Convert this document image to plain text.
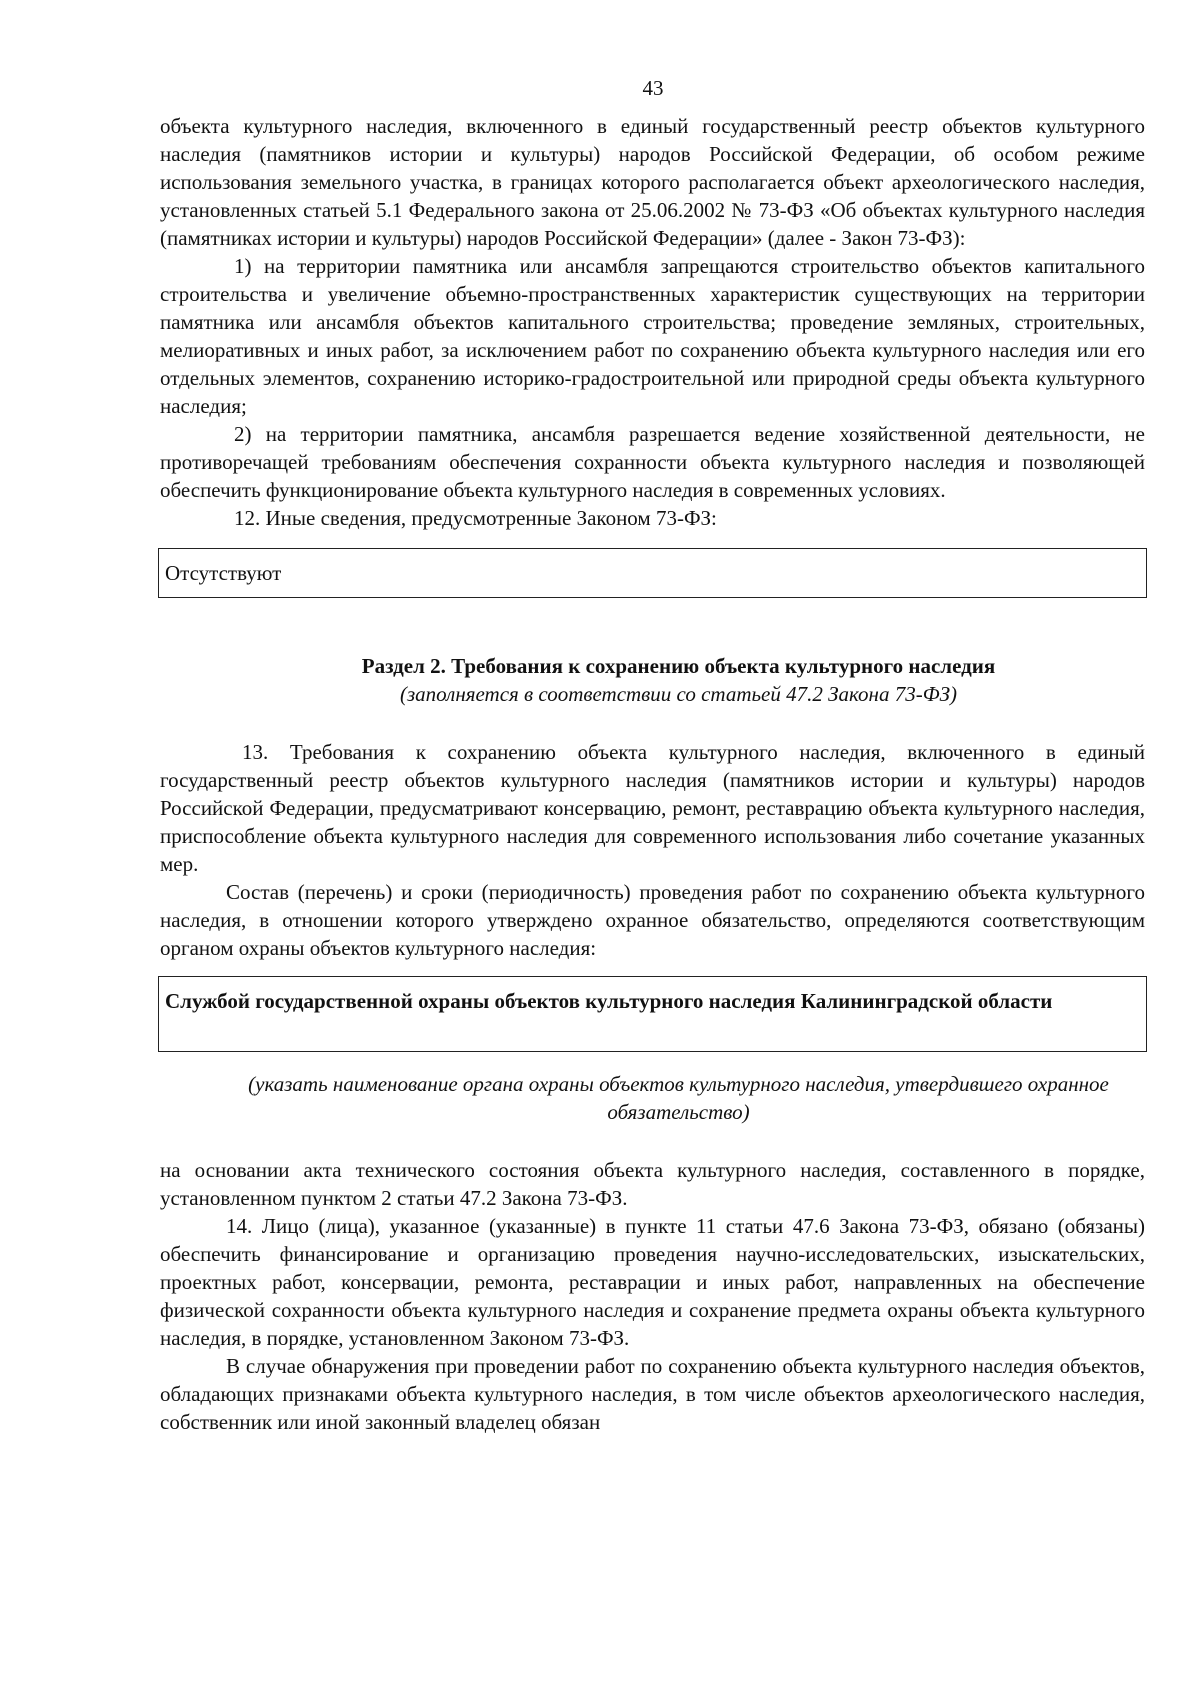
43

объекта культурного наследия, включенного в единый государственный реестр объектов культурного наследия (памятников истории и культуры) народов Российской Федерации, об особом режиме использования земельного участка, в границах которого располагается объект археологического наследия, установленных статьей 5.1 Федерального закона от 25.06.2002 № 73-ФЗ «Об объектах культурного наследия (памятниках истории и культуры) народов Российской Федерации» (далее - Закон 73-ФЗ):

1) на территории памятника или ансамбля запрещаются строительство объектов капитального строительства и увеличение объемно-пространственных характеристик существующих на территории памятника или ансамбля объектов капитального строительства; проведение земляных, строительных, мелиоративных и иных работ, за исключением работ по сохранению объекта культурного наследия или его отдельных элементов, сохранению историко-градостроительной или природной среды объекта культурного наследия;

2) на территории памятника, ансамбля разрешается ведение хозяйственной деятельности, не противоречащей требованиям обеспечения сохранности объекта культурного наследия и позволяющей обеспечить функционирование объекта культурного наследия в современных условиях.

12. Иные сведения, предусмотренные Законом 73-ФЗ:

Отсутствуют
Раздел 2. Требования к сохранению объекта культурного наследия
(заполняется в соответствии со статьей 47.2 Закона 73-ФЗ)

13. Требования к сохранению объекта культурного наследия, включенного в единый государственный реестр объектов культурного наследия (памятников истории и культуры) народов Российской Федерации, предусматривают консервацию, ремонт, реставрацию объекта культурного наследия, приспособление объекта культурного наследия для современного использования либо сочетание указанных мер.

Состав (перечень) и сроки (периодичность) проведения работ по сохранению объекта культурного наследия, в отношении которого утверждено охранное обязательство, определяются соответствующим органом охраны объектов культурного наследия:

Службой государственной охраны объектов культурного наследия Калининградской области
(указать наименование органа охраны объектов культурного наследия, утвердившего охранное обязательство)

на основании акта технического состояния объекта культурного наследия, составленного в порядке, установленном пунктом 2 статьи 47.2 Закона 73-ФЗ.

14. Лицо (лица), указанное (указанные) в пункте 11 статьи 47.6 Закона 73-ФЗ, обязано (обязаны) обеспечить финансирование и организацию проведения научно-исследовательских, изыскательских, проектных работ, консервации, ремонта, реставрации и иных работ, направленных на обеспечение физической сохранности объекта культурного наследия и сохранение предмета охраны объекта культурного наследия, в порядке, установленном Законом 73-ФЗ.

В случае обнаружения при проведении работ по сохранению объекта культурного наследия объектов, обладающих признаками объекта культурного наследия, в том числе объектов археологического наследия, собственник или иной законный владелец обязан
